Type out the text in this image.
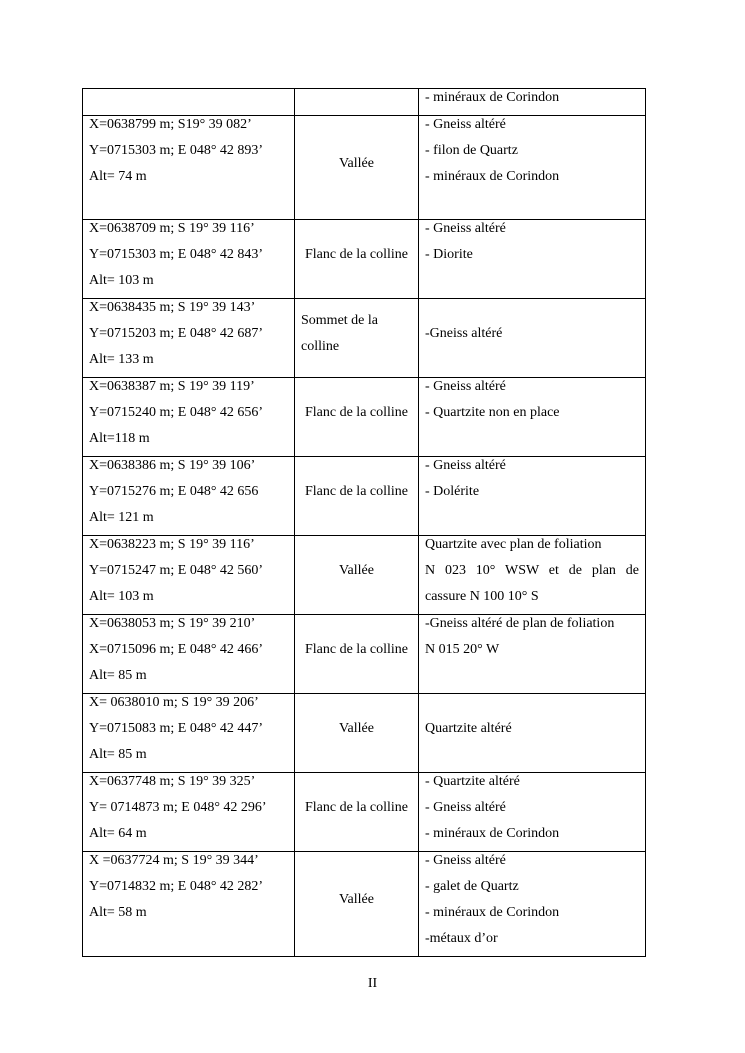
		- minéraux de Corindon

X=0638799 m; S19° 39 082’
Y=0715303 m; E 048° 42 893’
Alt= 74 m	Vallée	- Gneiss altéré
- filon de Quartz
- minéraux de Corindon

X=0638709 m; S 19° 39 116’
Y=0715303 m; E 048° 42 843’
Alt= 103 m	Flanc de la colline	- Gneiss altéré
- Diorite

X=0638435 m; S 19° 39 143’
Y=0715203 m; E 048° 42 687’
Alt= 133 m	Sommet de la
colline	-Gneiss altéré

X=0638387 m; S 19° 39 119’
Y=0715240 m; E 048° 42 656’
Alt=118 m	Flanc de la colline	- Gneiss altéré
- Quartzite non en place

X=0638386 m; S 19° 39 106’
Y=0715276 m; E 048° 42 656
Alt= 121 m	Flanc de la colline	- Gneiss altéré
- Dolérite

X=0638223 m; S 19° 39 116’
Y=0715247 m; E 048° 42 560’
Alt= 103 m	Vallée	Quartzite avec plan de foliation
N 023 10° WSW et de plan de
cassure N 100 10° S

X=0638053 m; S 19° 39 210’
X=0715096 m; E 048° 42 466’
Alt= 85 m	Flanc de la colline	-Gneiss altéré de plan de foliation
N 015 20° W

X= 0638010 m; S 19° 39 206’
Y=0715083 m; E 048° 42 447’
Alt= 85 m	Vallée	Quartzite altéré

X=0637748 m; S 19° 39 325’
Y= 0714873 m; E 048° 42 296’
Alt= 64 m	Flanc de la colline	- Quartzite altéré
- Gneiss altéré
- minéraux de Corindon

X =0637724 m; S 19° 39 344’
Y=0714832 m; E 048° 42 282’
Alt= 58 m	Vallée	- Gneiss altéré
- galet de Quartz
- minéraux de Corindon
-métaux d’or
II
